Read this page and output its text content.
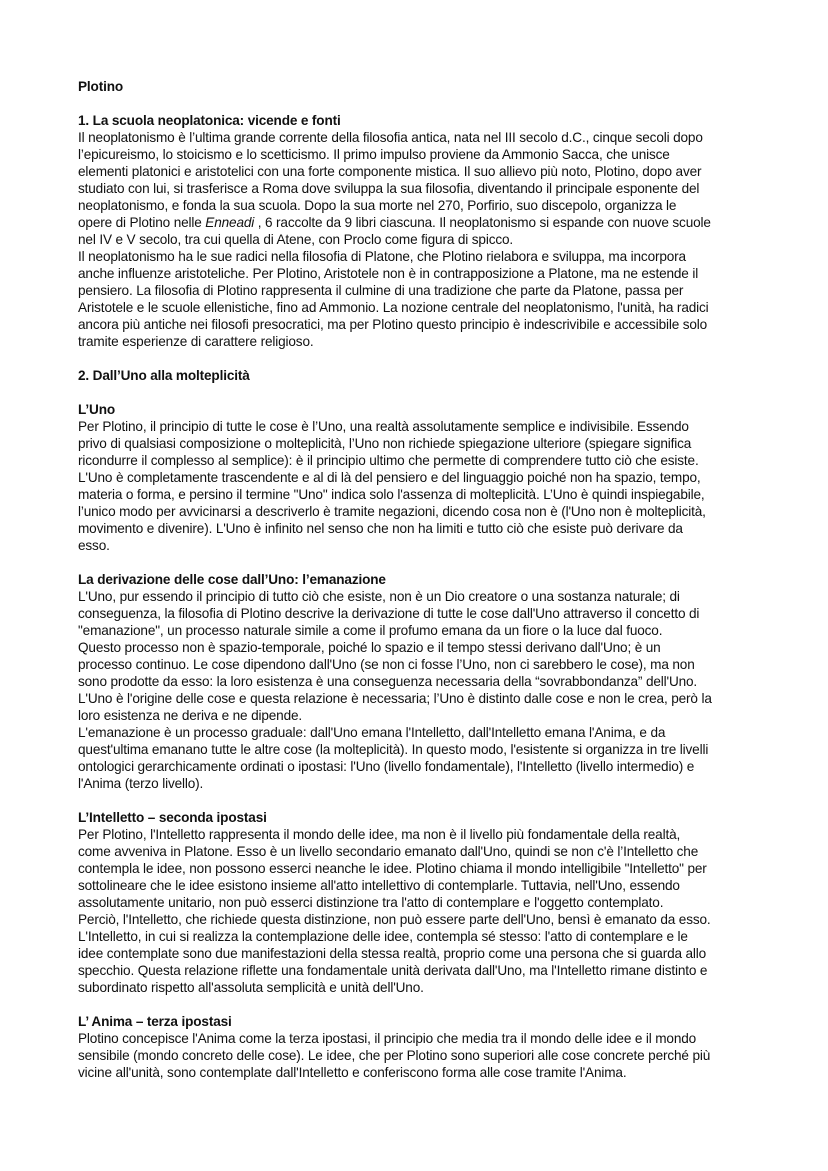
Plotino
1. La scuola neoplatonica: vicende e fonti
Il neoplatonismo è l’ultima grande corrente della filosofia antica, nata nel III secolo d.C., cinque secoli dopo
l’epicureismo, lo stoicismo e lo scetticismo. Il primo impulso proviene da Ammonio Sacca, che unisce
elementi platonici e aristotelici con una forte componente mistica. Il suo allievo più noto, Plotino, dopo aver
studiato con lui, si trasferisce a Roma dove sviluppa la sua filosofia, diventando il principale esponente del
neoplatonismo, e fonda la sua scuola. Dopo la sua morte nel 270, Porfirio, suo discepolo, organizza le
opere di Plotino nelle Enneadi , 6 raccolte da 9 libri ciascuna. Il neoplatonismo si espande con nuove scuole
nel IV e V secolo, tra cui quella di Atene, con Proclo come figura di spicco.
Il neoplatonismo ha le sue radici nella filosofia di Platone, che Plotino rielabora e sviluppa, ma incorpora
anche influenze aristoteliche. Per Plotino, Aristotele non è in contrapposizione a Platone, ma ne estende il
pensiero. La filosofia di Plotino rappresenta il culmine di una tradizione che parte da Platone, passa per
Aristotele e le scuole ellenistiche, fino ad Ammonio. La nozione centrale del neoplatonismo, l'unità, ha radici
ancora più antiche nei filosofi presocratici, ma per Plotino questo principio è indescrivibile e accessibile solo
tramite esperienze di carattere religioso.
2. Dall’Uno alla molteplicità
L’Uno
Per Plotino, il principio di tutte le cose è l’Uno, una realtà assolutamente semplice e indivisibile. Essendo
privo di qualsiasi composizione o molteplicità, l’Uno non richiede spiegazione ulteriore (spiegare significa
ricondurre il complesso al semplice): è il principio ultimo che permette di comprendere tutto ciò che esiste.
L'Uno è completamente trascendente e al di là del pensiero e del linguaggio poiché non ha spazio, tempo,
materia o forma, e persino il termine "Uno" indica solo l'assenza di molteplicità. L’Uno è quindi inspiegabile,
l’unico modo per avvicinarsi a descriverlo è tramite negazioni, dicendo cosa non è (l'Uno non è molteplicità,
movimento e divenire). L'Uno è infinito nel senso che non ha limiti e tutto ciò che esiste può derivare da
esso.
La derivazione delle cose dall’Uno: l’emanazione
L'Uno, pur essendo il principio di tutto ciò che esiste, non è un Dio creatore o una sostanza naturale; di
conseguenza, la filosofia di Plotino descrive la derivazione di tutte le cose dall'Uno attraverso il concetto di
"emanazione", un processo naturale simile a come il profumo emana da un fiore o la luce dal fuoco.
Questo processo non è spazio-temporale, poiché lo spazio e il tempo stessi derivano dall'Uno; è un
processo continuo. Le cose dipendono dall'Uno (se non ci fosse l’Uno, non ci sarebbero le cose), ma non
sono prodotte da esso: la loro esistenza è una conseguenza necessaria della “sovrabbondanza” dell'Uno.
L'Uno è l'origine delle cose e questa relazione è necessaria; l’Uno è distinto dalle cose e non le crea, però la
loro esistenza ne deriva e ne dipende.
L'emanazione è un processo graduale: dall'Uno emana l'Intelletto, dall'Intelletto emana l'Anima, e da
quest'ultima emanano tutte le altre cose (la molteplicità). In questo modo, l'esistente si organizza in tre livelli
ontologici gerarchicamente ordinati o ipostasi: l'Uno (livello fondamentale), l'Intelletto (livello intermedio) e
l'Anima (terzo livello).
L’Intelletto – seconda ipostasi
Per Plotino, l'Intelletto rappresenta il mondo delle idee, ma non è il livello più fondamentale della realtà,
come avveniva in Platone. Esso è un livello secondario emanato dall'Uno, quindi se non c'è l’Intelletto che
contempla le idee, non possono esserci neanche le idee. Plotino chiama il mondo intelligibile "Intelletto" per
sottolineare che le idee esistono insieme all'atto intellettivo di contemplarle. Tuttavia, nell'Uno, essendo
assolutamente unitario, non può esserci distinzione tra l'atto di contemplare e l'oggetto contemplato.
Perciò, l'Intelletto, che richiede questa distinzione, non può essere parte dell'Uno, bensì è emanato da esso.
L'Intelletto, in cui si realizza la contemplazione delle idee, contempla sé stesso: l'atto di contemplare e le
idee contemplate sono due manifestazioni della stessa realtà, proprio come una persona che si guarda allo
specchio. Questa relazione riflette una fondamentale unità derivata dall'Uno, ma l'Intelletto rimane distinto e
subordinato rispetto all'assoluta semplicità e unità dell'Uno.
L’ Anima – terza ipostasi
Plotino concepisce l'Anima come la terza ipostasi, il principio che media tra il mondo delle idee e il mondo
sensibile (mondo concreto delle cose). Le idee, che per Plotino sono superiori alle cose concrete perché più
vicine all'unità, sono contemplate dall'Intelletto e conferiscono forma alle cose tramite l'Anima.
